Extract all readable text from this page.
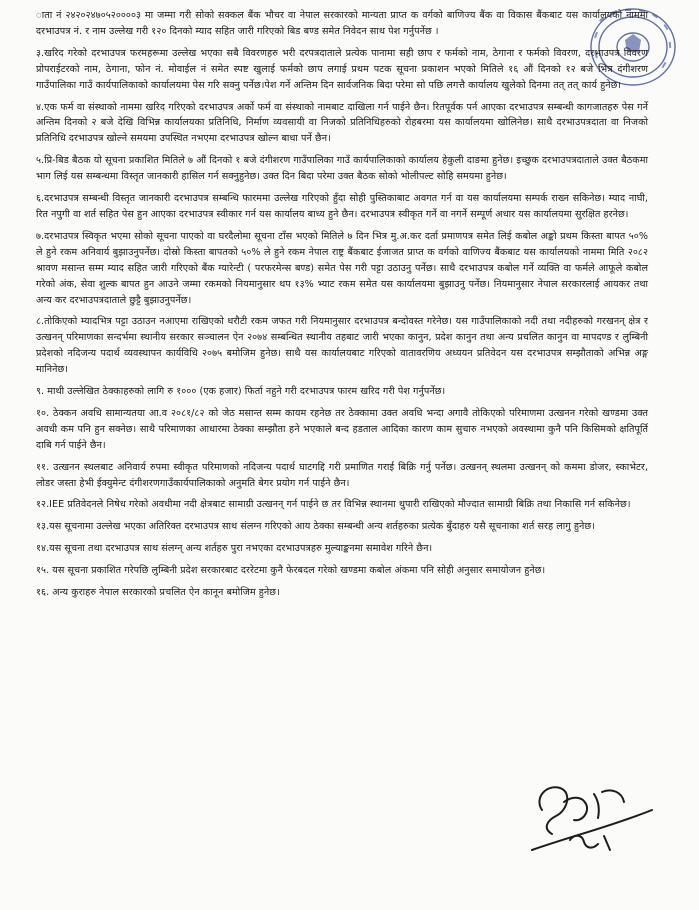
ाता नं २४२०२४७०५२००००३ मा जम्मा गरी सोको सक्कल बैंक भौचर वा नेपाल सरकारको मान्यता प्राप्त क वर्गको बाणिज्य बैंक वा विकास बैंकबाट यस कार्यालयको नाममा दरभाउपत्र नं. र नाम उल्लेख गरी १२० दिनको म्याद सहित जारी गरिएको बिड बण्ड समेत निवेदन साथ पेश गर्नुपर्नेछ ।

३.खरिद गरेको दरभाउपत्र फरमहरूमा उल्लेख भएका सबै विवरणहरु भरी दरपत्रदाताले प्रत्येक पानामा सही छाप र फर्मको नाम, ठेगाना र फर्मको विवरण, दरभाउपत्र विवरण प्रोपराईटरको नाम, ठेगाना, फोन नं. मोवाईल नं समेत स्पष्ट खुलाई फर्मको छाप लगाई प्रथम पटक सूचना प्रकाशन भएको मितिले १६ औं दिनको १२ बजे भित्र दंगीशरण गाउँपालिका गाउँ कार्यपालिकाको कार्यालयमा पेस गरि सक्नु पर्नेछ।पेश गर्ने अन्तिम दिन सार्वजनिक बिदा परेमा सो पछि लगत्तै कार्यालय खुलेको दिनमा तत् तत् कार्य हुनेछ।

४.एक फर्म वा संस्थाको नाममा खरिद गरिएको दरभाउपत्र अर्को फर्म वा संस्थाको नामबाट दाखिला गर्न पाईने छैन। रितपूर्वक पर्न आएका दरभाउपत्र सम्बन्धी कागजातहरु पेस गर्ने अन्तिम दिनको २ बजे देखि विभिन्न कार्यालयका प्रतिनिधि, निर्माण व्यवसायी वा निजको प्रतिनिधिहरुको रोहबरमा यस कार्यालयमा खोलिनेछ। साथै दरभाउपत्रदाता वा निजको प्रतिनिधि दरभाउपत्र खोल्ने समयमा उपस्थित नभएमा दरभाउपत्र खोल्न बाधा पर्ने छैन।

५.प्रि-बिड बैठक यो सूचना प्रकाशित मितिले ७ औं दिनको १ बजे दंगीशरण गाउँपालिका गाउँ कार्यपालिकाको कार्यालय हेकुली दाङमा हुनेछ। इच्छुक दरभाउपत्रदाताले उक्त बैठकमा भाग लिई यस सम्बन्धमा विस्तृत जानकारी हासिल गर्न सक्नुहुनेछ। उक्त दिन बिदा परेमा उक्त बैठक सोको भोलीपल्ट सोहि समयमा हुनेछ।

६.दरभाउपत्र सम्बन्धी विस्तृत जानकारी दरभाउपत्र सम्बन्धि फारममा उल्लेख गरिएको हुँदा सोही पुस्तिकाबाट अवगत गर्न वा यस कार्यालयमा सम्पर्क राख्न सकिनेछ। म्याद नाघी, रित नपुगी वा शर्त सहित पेस हुन आएका दरभाउपत्र स्वीकार गर्न यस कार्यालय बाध्य हुने छैन। दरभाउपत्र स्वीकृत गर्ने वा नगर्ने सम्पूर्ण अधार यस कार्यालयमा सुरक्षित हरनेछ।

७.दरभाउपत्र स्विकृत भएमा सोको सूचना पाएको वा घरदैलोमा सूचना टाँस भएको मितिले ७ दिन भित्र मु.अ.कर दर्ता प्रमाणपत्र समेत लिई कबोल अङ्को प्रथम किस्ता बापत ५०% ले हुने रकम अनिवार्य बुझाउनुपर्नेछ। दोस्रो किस्ता बापतको ५०% ले हुने रकम नेपाल राष्ट्र बैंकबाट ईजाजत प्राप्त क वर्गको वाणिज्य बैंकबाट यस कार्यालयको नाममा मिति २०८२ श्रावण मसान्त सम्म म्याद सहित जारी गरिएको बैंक ग्यारेन्टी ( परफरमेन्स बण्ड) समेत पेस गरी पट्टा उठाउनु पर्नेछ। साथै दरभाउपत्र कबोल गर्ने व्यक्ति वा फर्मले आफूले कबोल गरेको अंक, सेवा शुल्क बापत हुन आउने जम्मा रकमको नियमानुसार थप १३% भ्याट रकम समेत यस कार्यालयमा बुझाउनु पर्नेछ। नियमानुसार नेपाल सरकारलाई आयकर तथा अन्य कर दरभाउपत्रदाताले छुट्टै बुझाउनुपर्नेछ।

८.तोकिएको म्यादभित्र पट्टा उठाउन नआएमा राखिएको धरौटी रकम जफत गरी नियमानुसार दरभाउपत्र बन्दोवस्त गरेनेछ। यस गाउँपालिकाको नदी तथा नदीहरुको गरखनन् क्षेत्र र उत्खनन् परिमाणका सन्दर्भमा स्थानीय सरकार सञ्चालन ऐन २०७४ सम्बन्धित स्थानीय तहबाट जारी भएका कानुन, प्रदेश कानुन तथा अन्य प्रचलित कानुन वा मापदण्ड र लुम्बिनी प्रदेशको नदिजन्य पदार्थ व्यवस्थापन कार्यविधि २०७५ बमोजिम हुनेछ। साथै यस कार्यालयबाट गरिएको वातावरणिय अध्ययन प्रतिवेदन यस दरभाउपत्र सम्झौताको अभिन्न अङ्ग मानिनेछ।

९. माथी उल्लेखित ठेक्काहरुको लागि रु १००० (एक हजार) फिर्ता नहुने गरी दरभाउपत्र फारम खरिद गरी पेश गर्नुपर्नेछ।

१०. ठेक्कन अवधि सामान्यतया आ.व २०८१/८२ को जेठ मसान्त सम्म कायम रहनेछ तर ठेक्कामा उक्त अवधि भन्दा अगावै तोकिएको परिमाणमा उत्खनन गरेको खण्डमा उक्त अवधी कम पनि हुन सक्नेछ। साथै परिमाणका आधारमा ठेक्का सम्झौता हने भएकाले बन्द हडताल आदिका कारण काम सुचारु नभएको अवस्थामा कुनै पनि किसिमको क्षतिपूर्ति दाबि गर्न पाईने छैन।

११. उत्खनन स्थलबाट अनिवार्य रुपमा स्वीकृत परिमाणको नदिजन्य पदार्थ घाटगद्दि गरी प्रमाणित गराई बिक्रि गर्नु पर्नेछ। उत्खनन् स्थलमा उत्खनन् को कममा डोजर, स्काभेटर, लोडर जस्ता हेभी ईक्युमेन्ट दंगीशरणगाउँकार्यपालिकाको अनुमति बेगर प्रयोग गर्न पाईने छैन।

१२.IEE प्रतिवेदनले निषेध गरेको अवधीमा नदी क्षेत्रबाट सामाग्री उत्खनन् गर्न पाईने छ तर विभिन्न स्थानमा थुपारी राखिएको मौज्दात सामाग्री बिक्रि तथा निकासि गर्न सकिनेछ।

१३.यस सूचनामा उल्लेख भएका अतिरिक्त दरभाउपत्र साथ संलग्न गरिएको आय ठेक्का सम्बन्धी अन्य शर्तहरुका प्रत्येक बुँदाहरु यसै सूचनाका शर्त सरह लागु हुनेछ।

१४.यस सूचना तथा दरभाउपत्र साथ संलग्न् अन्य शर्तहरु पुरा नभएका दरभाउपत्रहरु मुल्याङ्कनमा समावेश गरिने छैन।

१५. यस सूचना प्रकाशित गरेपछि लुम्बिनी प्रदेश सरकारबाट दररेटमा कुनै फेरबदल गरेको खण्डमा कबोल अंकमा पनि सोही अनुसार समायोजन हुनेछ।

१६. अन्य कुराहरु नेपाल सरकारको प्रचलित ऐन कानून बमोजिम हुनेछ।
